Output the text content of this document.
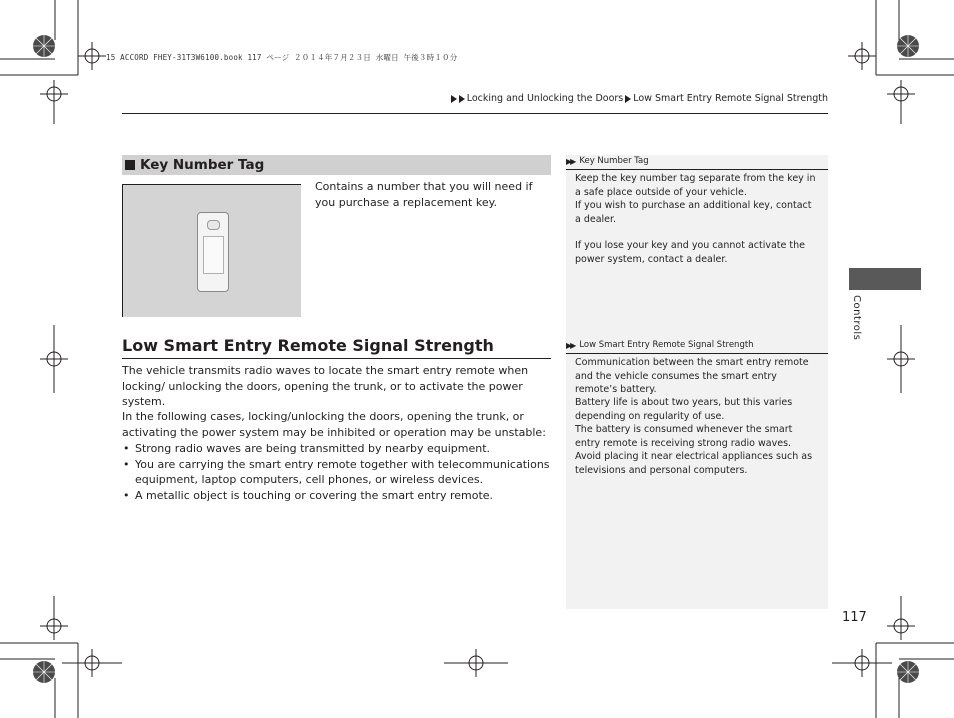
15 ACCORD FHEY-31T3W6100.book 117 ページ ２０１４年７月２３日 水曜日 午後３時１０分
Locking and Unlocking the Doors Low Smart Entry Remote Signal Strength
Key Number Tag
Contains a number that you will need if you purchase a replacement key.
Low Smart Entry Remote Signal Strength
The vehicle transmits radio waves to locate the smart entry remote when locking/ unlocking the doors, opening the trunk, or to activate the power system.
In the following cases, locking/unlocking the doors, opening the trunk, or activating the power system may be inhibited or operation may be unstable:
• Strong radio waves are being transmitted by nearby equipment.
• You are carrying the smart entry remote together with telecommunications equipment, laptop computers, cell phones, or wireless devices.
• A metallic object is touching or covering the smart entry remote.
▶▶ Key Number Tag
Keep the key number tag separate from the key in a safe place outside of your vehicle.
If you wish to purchase an additional key, contact a dealer.
If you lose your key and you cannot activate the power system, contact a dealer.
▶▶ Low Smart Entry Remote Signal Strength
Communication between the smart entry remote and the vehicle consumes the smart entry remote’s battery.
Battery life is about two years, but this varies depending on regularity of use.
The battery is consumed whenever the smart entry remote is receiving strong radio waves. Avoid placing it near electrical appliances such as televisions and personal computers.
Controls
117
